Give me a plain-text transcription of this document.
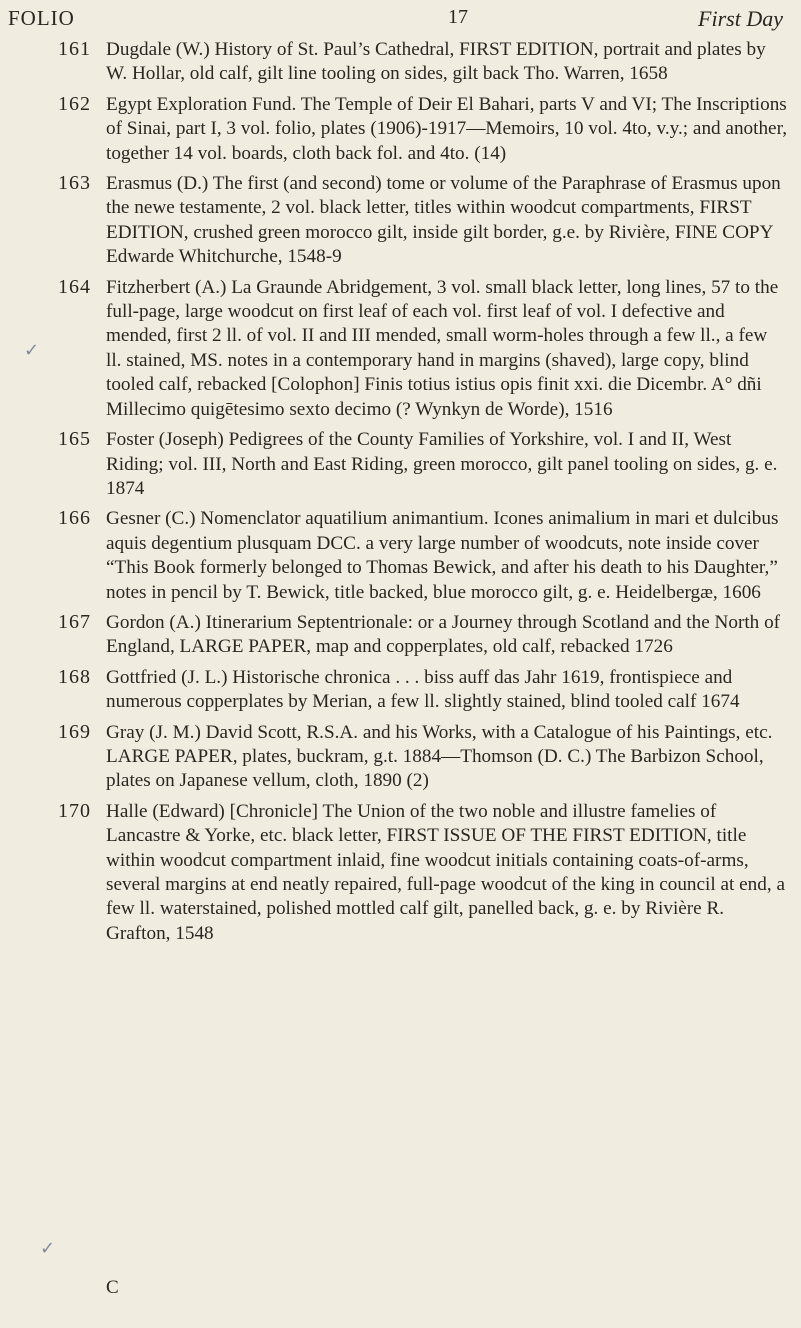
FOLIO	17	First Day
✓
✓
161 Dugdale (W.) History of St. Paul’s Cathedral, FIRST EDITION, portrait and plates by W. Hollar, old calf, gilt line tooling on sides, gilt back Tho. Warren, 1658
162 Egypt Exploration Fund. The Temple of Deir El Bahari, parts V and VI; The Inscriptions of Sinai, part I, 3 vol. folio, plates (1906)-1917—Memoirs, 10 vol. 4to, v.y.; and another, together 14 vol. boards, cloth back fol. and 4to. (14)
163 Erasmus (D.) The first (and second) tome or volume of the Paraphrase of Erasmus upon the newe testamente, 2 vol. black letter, titles within woodcut compartments, FIRST EDITION, crushed green morocco gilt, inside gilt border, g.e. by Rivière, FINE COPY Edwarde Whitchurche, 1548-9
164 Fitzherbert (A.) La Graunde Abridgement, 3 vol. small black letter, long lines, 57 to the full-page, large woodcut on first leaf of each vol. first leaf of vol. I defective and mended, first 2 ll. of vol. II and III mended, small worm-holes through a few ll., a few ll. stained, MS. notes in a contemporary hand in margins (shaved), large copy, blind tooled calf, rebacked [Colophon] Finis totius istius opis finit xxi. die Dicembr. A° dñi Millecimo quigētesimo sexto decimo (? Wynkyn de Worde), 1516
165 Foster (Joseph) Pedigrees of the County Families of Yorkshire, vol. I and II, West Riding; vol. III, North and East Riding, green morocco, gilt panel tooling on sides, g. e. 1874
166 Gesner (C.) Nomenclator aquatilium animantium. Icones animalium in mari et dulcibus aquis degentium plusquam DCC. a very large number of woodcuts, note inside cover “This Book formerly belonged to Thomas Bewick, and after his death to his Daughter,” notes in pencil by T. Bewick, title backed, blue morocco gilt, g. e. Heidelbergæ, 1606
167 Gordon (A.) Itinerarium Septentrionale: or a Journey through Scotland and the North of England, LARGE PAPER, map and copperplates, old calf, rebacked 1726
168 Gottfried (J. L.) Historische chronica . . . biss auff das Jahr 1619, frontispiece and numerous copperplates by Merian, a few ll. slightly stained, blind tooled calf 1674
169 Gray (J. M.) David Scott, R.S.A. and his Works, with a Catalogue of his Paintings, etc. LARGE PAPER, plates, buckram, g.t. 1884—Thomson (D. C.) The Barbizon School, plates on Japanese vellum, cloth, 1890 (2)
170 Halle (Edward) [Chronicle] The Union of the two noble and illustre famelies of Lancastre & Yorke, etc. black letter, FIRST ISSUE OF THE FIRST EDITION, title within woodcut compartment inlaid, fine woodcut initials containing coats-of-arms, several margins at end neatly repaired, full-page woodcut of the king in council at end, a few ll. waterstained, polished mottled calf gilt, panelled back, g. e. by Rivière R. Grafton, 1548
C
